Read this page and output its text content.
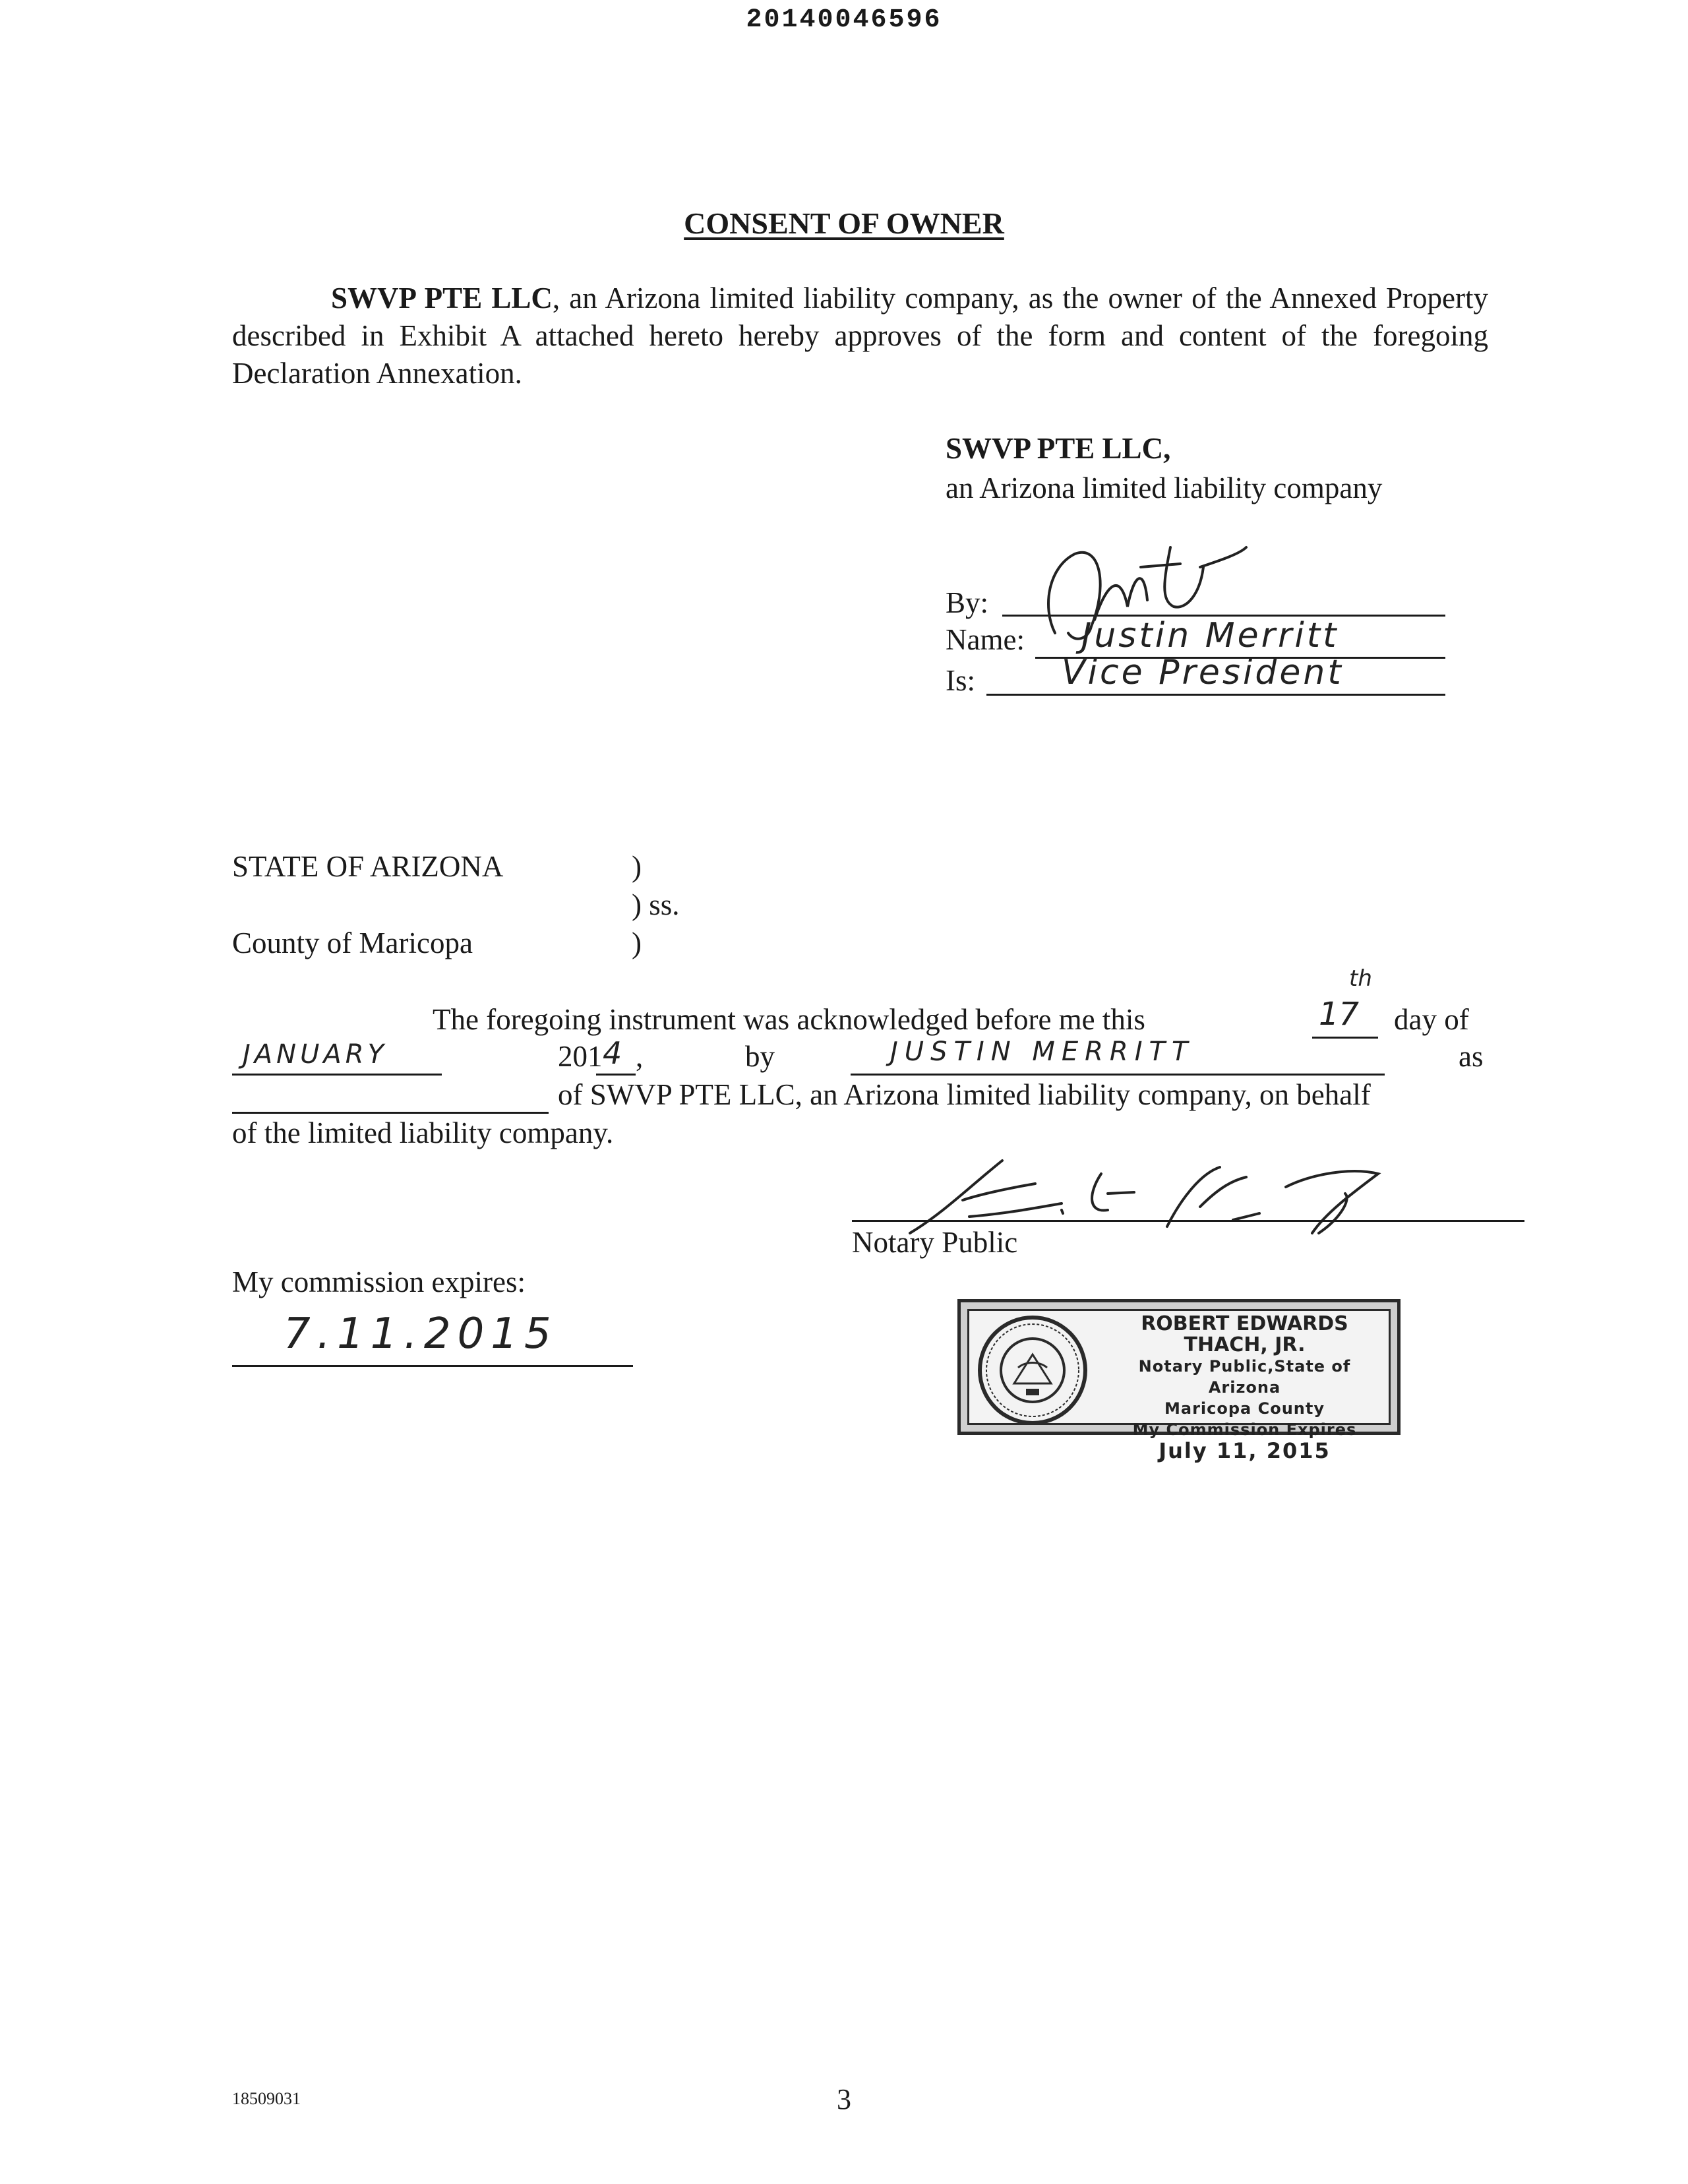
20140046596
CONSENT OF OWNER
SWVP PTE LLC, an Arizona limited liability company, as the owner of the Annexed Property described in Exhibit A attached hereto hereby approves of the form and content of the foregoing Declaration Annexation.
SWVP PTE LLC,
an Arizona limited liability company
By:
Name: Justin Merritt
Is:	Vice President
STATE OF ARIZONA	)
) ss.
County of Maricopa	)
The foregoing instrument was acknowledged before me this	17
th
day of
JANUARY	201 4 ,	by	JUSTIN MERRITT	as
of SWVP PTE LLC, an Arizona limited liability company, on behalf
of the limited liability company.
Notary Public
My commission expires:
7.11.2015	ROBERT EDWARDS THACH, JR.
Notary Public,State of Arizona
Maricopa County
My Commission Expires
July 11, 2015
18509031	3
